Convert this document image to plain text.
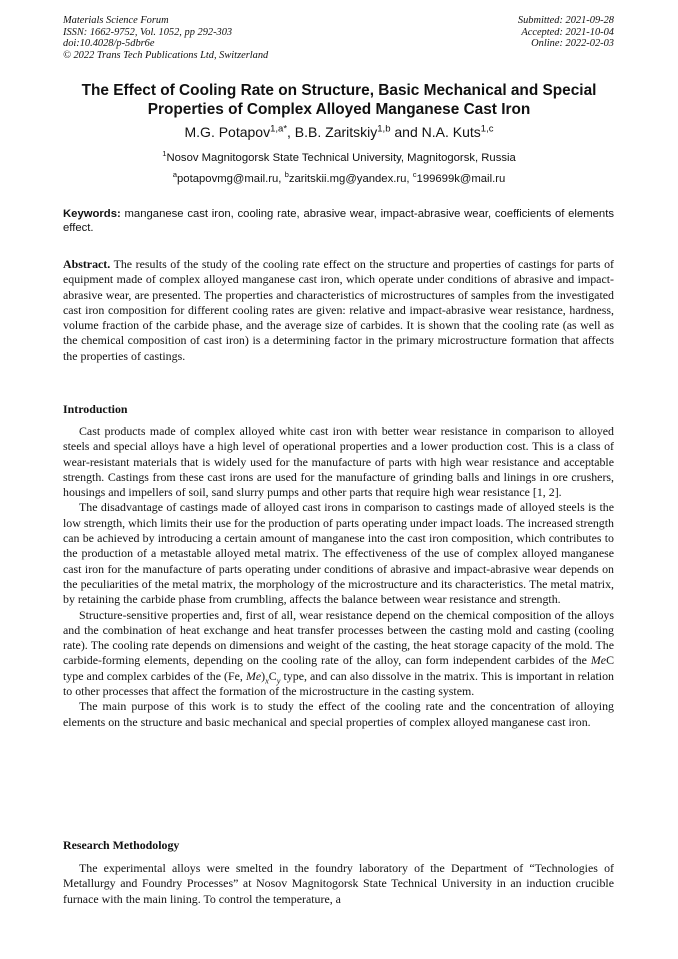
Materials Science Forum
ISSN: 1662-9752, Vol. 1052, pp 292-303
doi:10.4028/p-5dbr6e
© 2022 Trans Tech Publications Ltd, Switzerland
Submitted: 2021-09-28
Accepted: 2021-10-04
Online: 2022-02-03
The Effect of Cooling Rate on Structure, Basic Mechanical and Special
Properties of Complex Alloyed Manganese Cast Iron
M.G. Potapov$^{1,a*}$, B.B. Zaritskiy$^{1,b}$ and N.A. Kuts$^{1,c}$
$^1$Nosov Magnitogorsk State Technical University, Magnitogorsk, Russia
$^a$potapovmg@mail.ru, $^b$zaritskii.mg@yandex.ru, $^c$199699k@mail.ru
Keywords: manganese cast iron, cooling rate, abrasive wear, impact-abrasive wear, coefficients of elements effect.

Abstract. The results of the study of the cooling rate effect on the structure and properties of castings for parts of equipment made of complex alloyed manganese cast iron, which operate under conditions of abrasive and impact-abrasive wear, are presented. The properties and characteristics of microstructures of samples from the investigated cast iron composition for different cooling rates are given: relative and impact-abrasive wear resistance, hardness, volume fraction of the carbide phase, and the average size of carbides. It is shown that the cooling rate (as well as the chemical composition of cast iron) is a determining factor in the primary microstructure formation that affects the properties of castings.

Introduction

Cast products made of complex alloyed white cast iron with better wear resistance in comparison to alloyed steels and special alloys have a high level of operational properties and a lower production cost. This is a class of wear-resistant materials that is widely used for the manufacture of parts with high wear resistance and acceptable strength. Castings from these cast irons are used for the manufacture of grinding balls and linings in ore crushers, housings and impellers of soil, sand slurry pumps and other parts that require high wear resistance [1, 2].

The disadvantage of castings made of alloyed cast irons in comparison to castings made of alloyed steels is the low strength, which limits their use for the production of parts operating under impact loads. The increased strength can be achieved by introducing a certain amount of manganese into the cast iron composition, which contributes to the production of a metastable alloyed metal matrix. The effectiveness of the use of complex alloyed manganese cast iron for the manufacture of parts operating under conditions of abrasive and impact-abrasive wear depends on the peculiarities of the metal matrix, the morphology of the microstructure and its characteristics. The metal matrix, by retaining the carbide phase from crumbling, affects the balance between wear resistance and strength.

Structure-sensitive properties and, first of all, wear resistance depend on the chemical composition of the alloys and the combination of heat exchange and heat transfer processes between the casting mold and casting (cooling rate). The cooling rate depends on dimensions and weight of the casting, the heat storage capacity of the mold. The carbide-forming elements, depending on the cooling rate of the alloy, can form independent carbides of the MeC type and complex carbides of the (Fe, $Me)_xC_y$ type, and can also dissolve in the matrix. This is important in relation to other processes that affect the formation of the microstructure in the casting system.

The main purpose of this work is to study the effect of the cooling rate and the concentration of alloying elements on the structure and basic mechanical and special properties of complex alloyed manganese cast iron.

Research Methodology

The experimental alloys were smelted in the foundry laboratory of the Department of “Technologies of Metallurgy and Foundry Processes” at Nosov Magnitogorsk State Technical University in an induction crucible furnace with the main lining. To control the temperature, a
